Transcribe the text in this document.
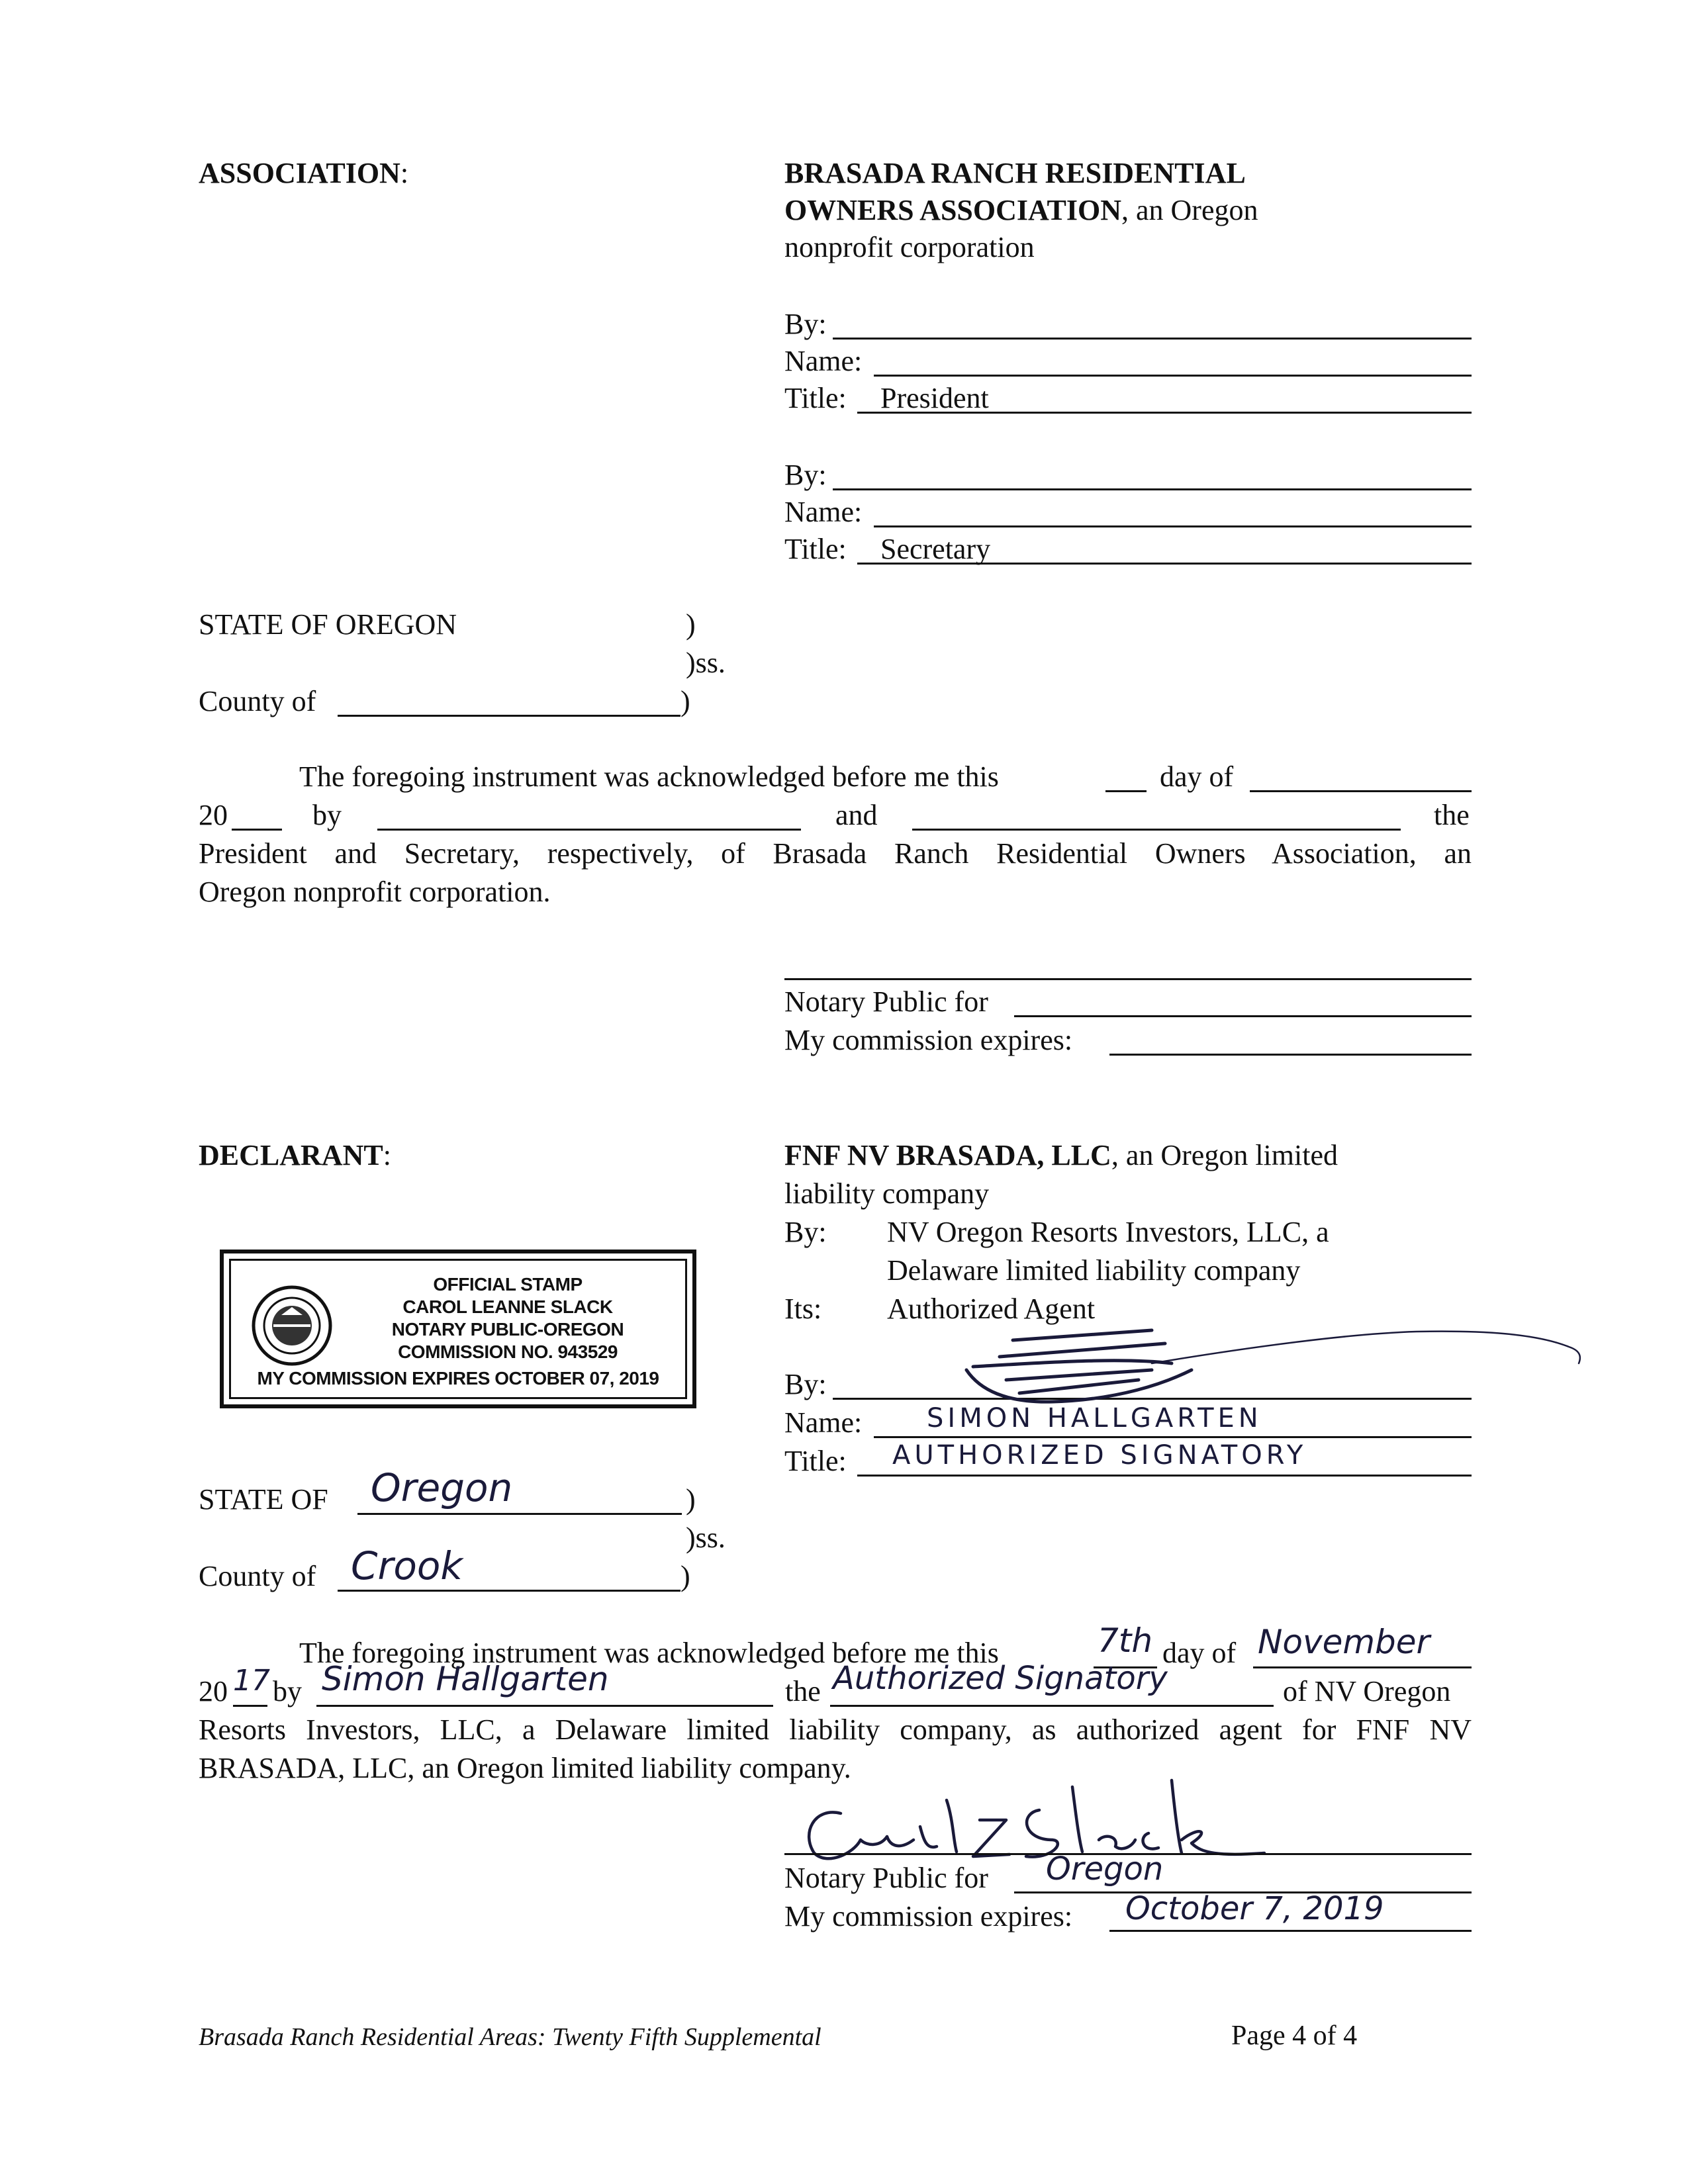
ASSOCIATION:	BRASADA RANCH RESIDENTIAL
OWNERS ASSOCIATION, an Oregon
nonprofit corporation
By:
Name:
Title: President
By:
Name:
Title: Secretary
STATE OF OREGON	)
)ss.
County of	)
The foregoing instrument was acknowledged before me this	day of
20	by	and	the
President and Secretary, respectively, of Brasada Ranch Residential Owners Association, an
Oregon nonprofit corporation.
Notary Public for
My commission expires:
DECLARANT:	FNF NV BRASADA, LLC, an Oregon limited
liability company
By: NV Oregon Resorts Investors, LLC, a
Delaware limited liability company
Its: Authorized Agent
By:
Name: SIMON HALLGARTEN
Title: AUTHORIZED SIGNATORY
OFFICIAL STAMP
CAROL LEANNE SLACK
NOTARY PUBLIC-OREGON
COMMISSION NO. 943529
MY COMMISSION EXPIRES OCTOBER 07, 2019
STATE OF Oregon	)
)ss.
County of Crook	)
The foregoing instrument was acknowledged before me this	7th day of November
20 17 by Simon Hallgarten	the Authorized Signatory	of NV Oregon
Resorts Investors, LLC, a Delaware limited liability company, as authorized agent for FNF NV
BRASADA, LLC, an Oregon limited liability company.
Notary Public for Oregon
My commission expires: October 7, 2019
Brasada Ranch Residential Areas: Twenty Fifth Supplemental	Page 4 of 4
